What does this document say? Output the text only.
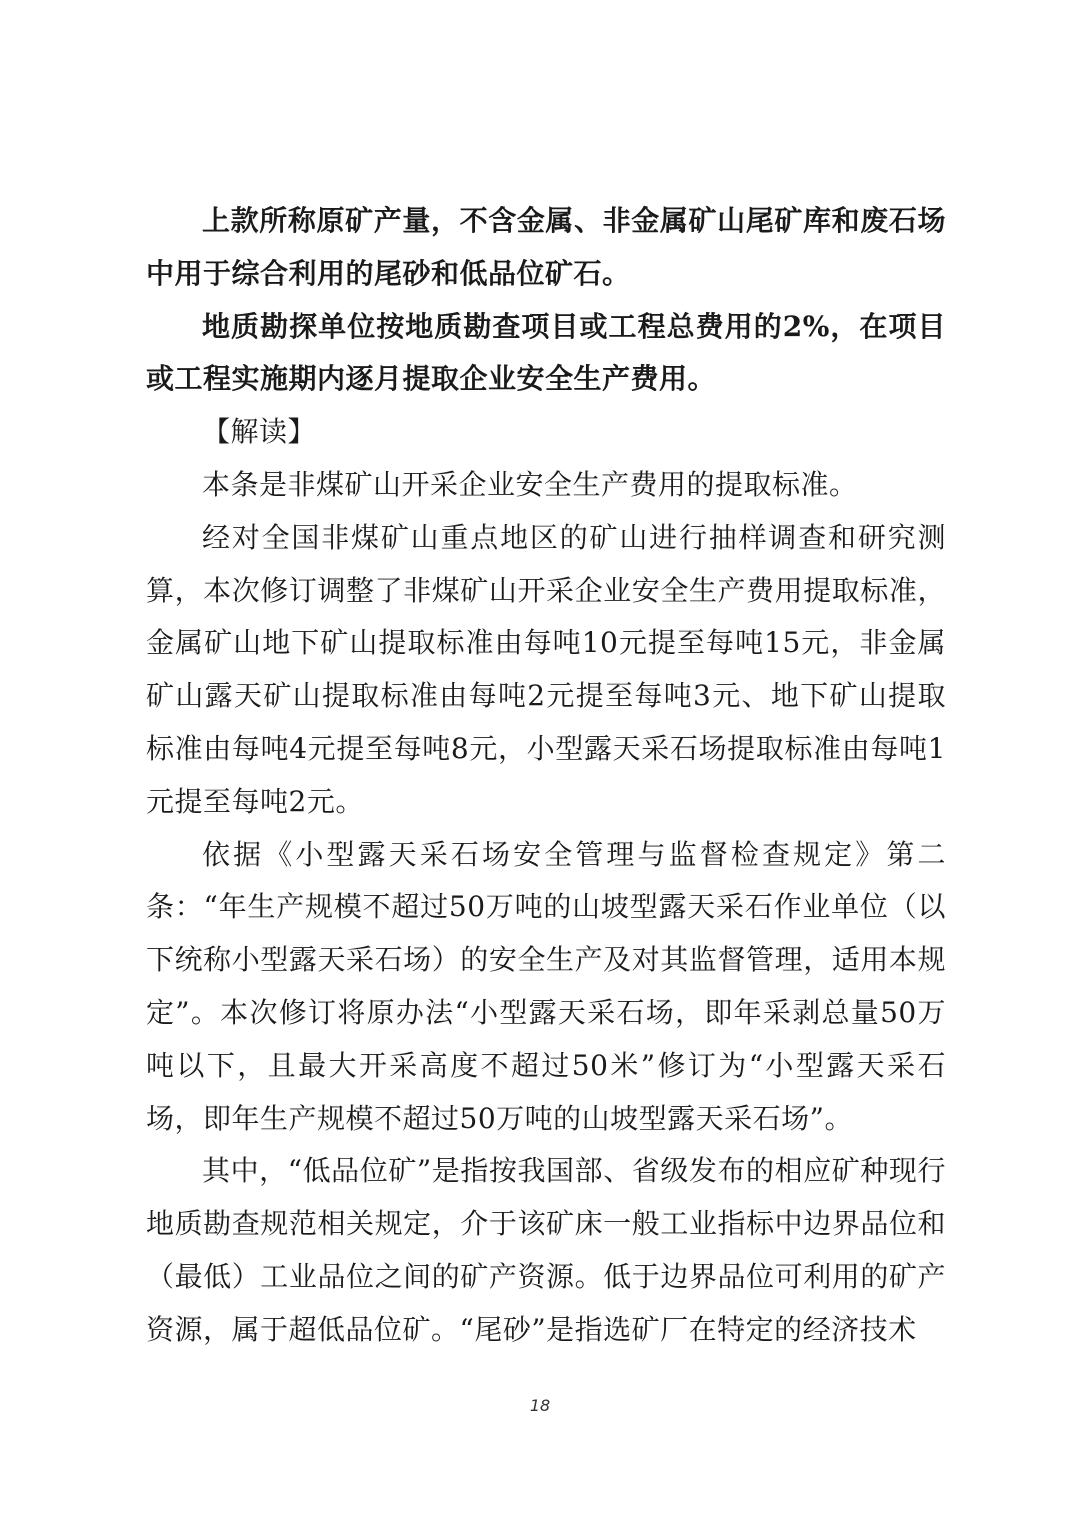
上款所称原矿产量，不含金属、非金属矿山尾矿库和废石场中用于综合利用的尾砂和低品位矿石。

地质勘探单位按地质勘查项目或工程总费用的2%，在项目或工程实施期内逐月提取企业安全生产费用。

【解读】

本条是非煤矿山开采企业安全生产费用的提取标准。

经对全国非煤矿山重点地区的矿山进行抽样调查和研究测算，本次修订调整了非煤矿山开采企业安全生产费用提取标准，金属矿山地下矿山提取标准由每吨10元提至每吨15元，非金属矿山露天矿山提取标准由每吨2元提至每吨3元、地下矿山提取标准由每吨4元提至每吨8元，小型露天采石场提取标准由每吨1元提至每吨2元。

依据《小型露天采石场安全管理与监督检查规定》第二条：“年生产规模不超过50万吨的山坡型露天采石作业单位（以下统称小型露天采石场）的安全生产及对其监督管理，适用本规定”。本次修订将原办法“小型露天采石场，即年采剥总量50万吨以下，且最大开采高度不超过50米”修订为“小型露天采石场，即年生产规模不超过50万吨的山坡型露天采石场”。

其中，“低品位矿”是指按我国部、省级发布的相应矿种现行地质勘查规范相关规定，介于该矿床一般工业指标中边界品位和（最低）工业品位之间的矿产资源。低于边界品位可利用的矿产资源，属于超低品位矿。“尾砂”是指选矿厂在特定的经济技术

18
